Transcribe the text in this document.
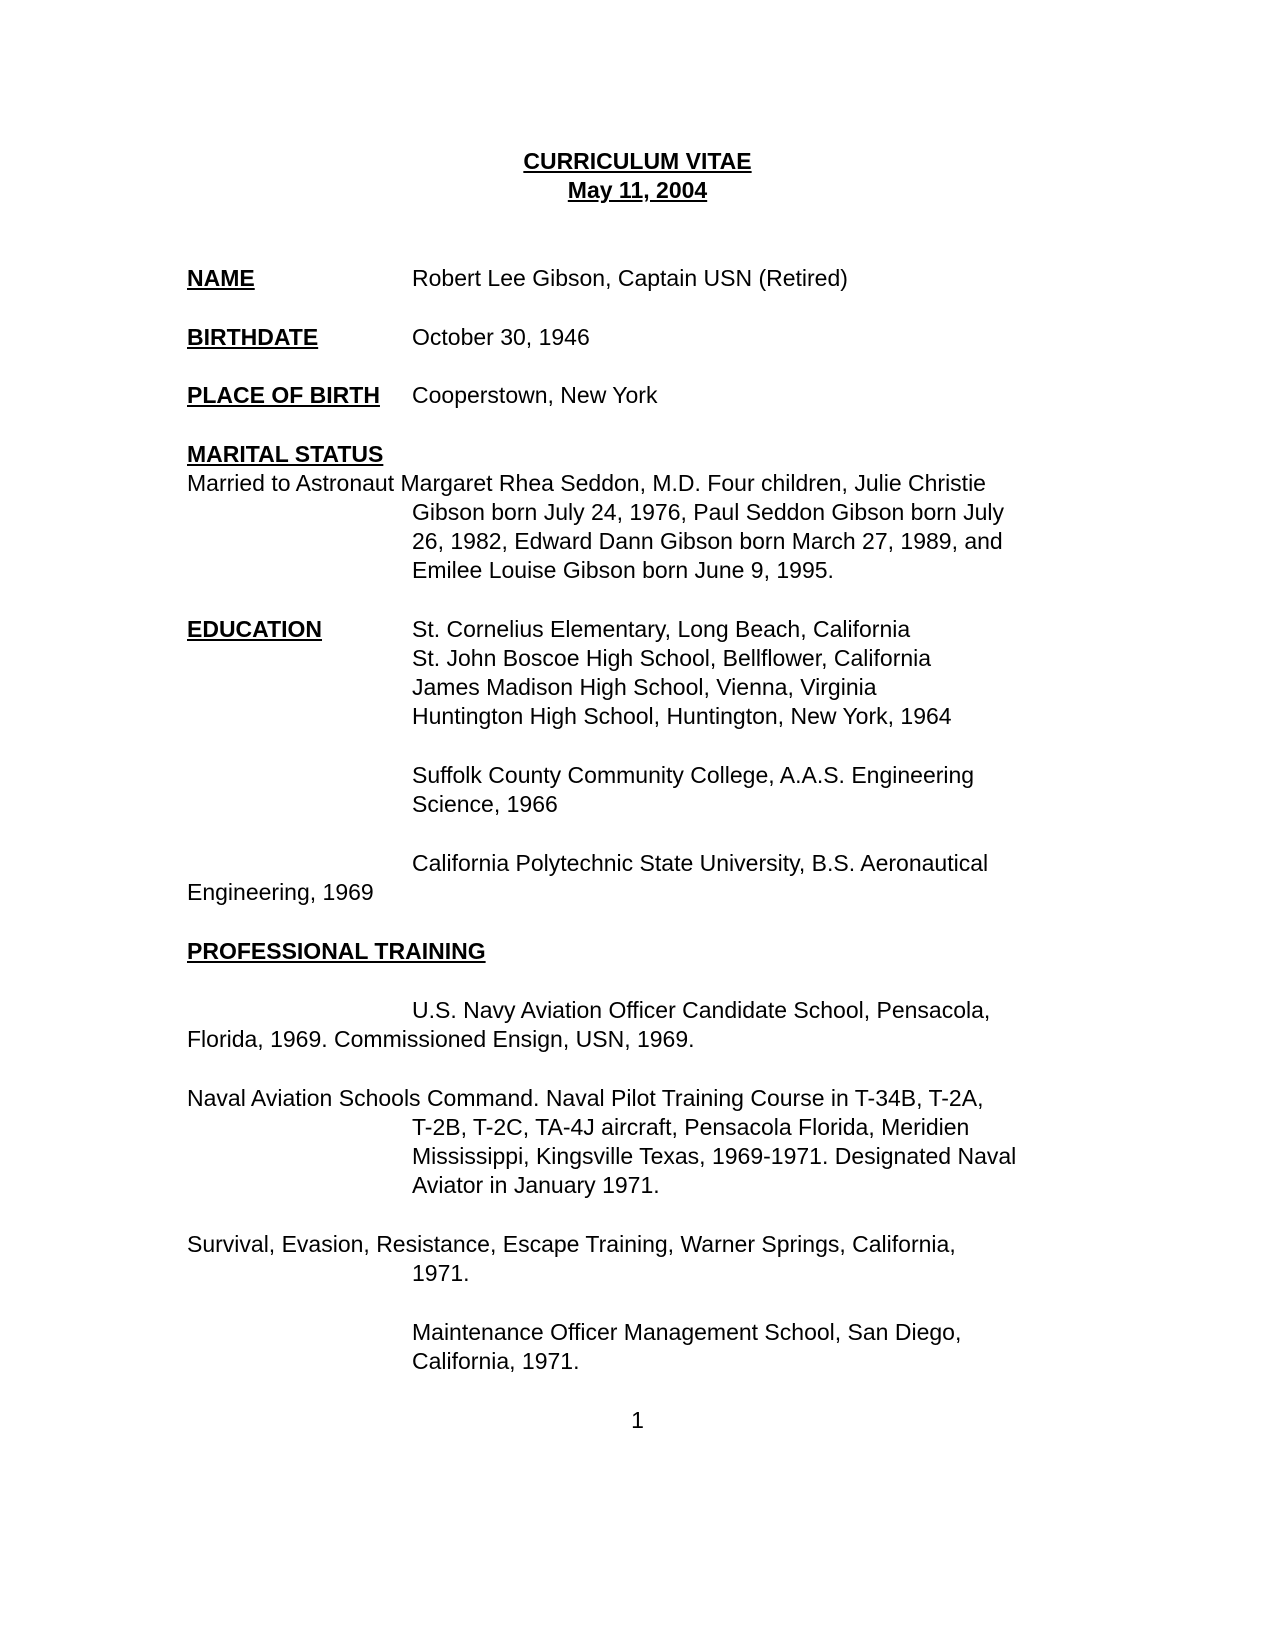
CURRICULUM VITAE
May 11, 2004
NAME	Robert Lee Gibson, Captain USN (Retired)
BIRTHDATE	October 30, 1946
PLACE OF BIRTH Cooperstown, New York
MARITAL STATUS
Married to Astronaut Margaret Rhea Seddon, M.D. Four children, Julie Christie
Gibson born July 24, 1976, Paul Seddon Gibson born July
26, 1982, Edward Dann Gibson born March 27, 1989, and
Emilee Louise Gibson born June 9, 1995.
EDUCATION	St. Cornelius Elementary, Long Beach, California
St. John Boscoe High School, Bellflower, California
James Madison High School, Vienna, Virginia
Huntington High School, Huntington, New York, 1964
Suffolk County Community College, A.A.S. Engineering
Science, 1966
California Polytechnic State University, B.S. Aeronautical
Engineering, 1969
PROFESSIONAL TRAINING
U.S. Navy Aviation Officer Candidate School, Pensacola,
Florida, 1969. Commissioned Ensign, USN, 1969.
Naval Aviation Schools Command. Naval Pilot Training Course in T-34B, T-2A,
T-2B, T-2C, TA-4J aircraft, Pensacola Florida, Meridien
Mississippi, Kingsville Texas, 1969-1971. Designated Naval
Aviator in January 1971.
Survival, Evasion, Resistance, Escape Training, Warner Springs, California,
1971.
Maintenance Officer Management School, San Diego,
California, 1971.
1
